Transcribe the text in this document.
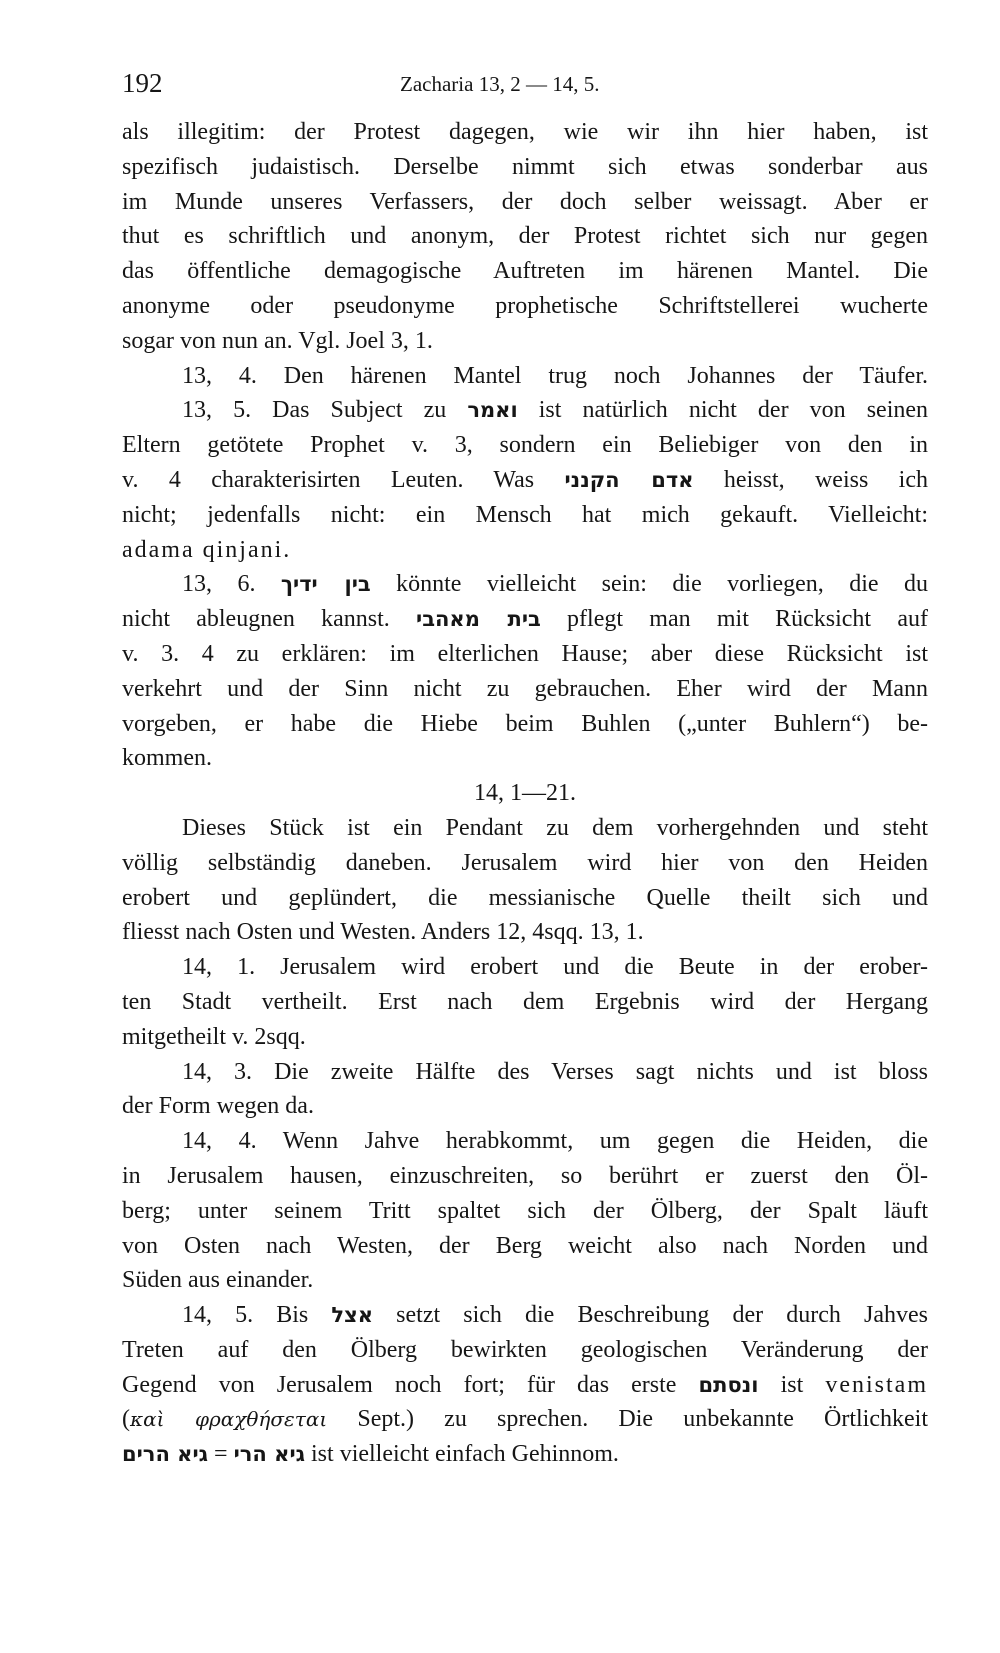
192	Zacharia 13, 2 — 14, 5.
als illegitim: der Protest dagegen, wie wir ihn hier haben, ist
spezifisch judaistisch. Derselbe nimmt sich etwas sonderbar aus
im Munde unseres Verfassers, der doch selber weissagt. Aber er
thut es schriftlich und anonym, der Protest richtet sich nur gegen
das öffentliche demagogische Auftreten im härenen Mantel. Die
anonyme oder pseudonyme prophetische Schriftstellerei wucherte
sogar von nun an. Vgl. Joel 3, 1.
13, 4. Den härenen Mantel trug noch Johannes der Täufer.
13, 5. Das Subject zu ואמר ist natürlich nicht der von seinen
Eltern getötete Prophet v. 3, sondern ein Beliebiger von den in
v. 4 charakterisirten Leuten. Was אדם הקנני heisst, weiss ich
nicht; jedenfalls nicht: ein Mensch hat mich gekauft. Vielleicht:
adama qinjani.
13, 6. בין ידיך könnte vielleicht sein: die vorliegen, die du
nicht ableugnen kannst. בית מאהבי pflegt man mit Rücksicht auf
v. 3. 4 zu erklären: im elterlichen Hause; aber diese Rücksicht ist
verkehrt und der Sinn nicht zu gebrauchen. Eher wird der Mann
vorgeben, er habe die Hiebe beim Buhlen („unter Buhlern“) be-
kommen.
14, 1—21.
Dieses Stück ist ein Pendant zu dem vorhergehnden und steht
völlig selbständig daneben. Jerusalem wird hier von den Heiden
erobert und geplündert, die messianische Quelle theilt sich und
fliesst nach Osten und Westen. Anders 12, 4sqq. 13, 1.
14, 1. Jerusalem wird erobert und die Beute in der erober-
ten Stadt vertheilt. Erst nach dem Ergebnis wird der Hergang
mitgetheilt v. 2sqq.
14, 3. Die zweite Hälfte des Verses sagt nichts und ist bloss
der Form wegen da.
14, 4. Wenn Jahve herabkommt, um gegen die Heiden, die
in Jerusalem hausen, einzuschreiten, so berührt er zuerst den Öl-
berg; unter seinem Tritt spaltet sich der Ölberg, der Spalt läuft
von Osten nach Westen, der Berg weicht also nach Norden und
Süden aus einander.
14, 5. Bis אצל setzt sich die Beschreibung der durch Jahves
Treten auf den Ölberg bewirkten geologischen Veränderung der
Gegend von Jerusalem noch fort; für das erste ונסתם ist venistam
(καὶ φραχθήσεται Sept.) zu sprechen. Die unbekannte Örtlichkeit
גיא הרים = גיא הרי ist vielleicht einfach Gehinnom.
